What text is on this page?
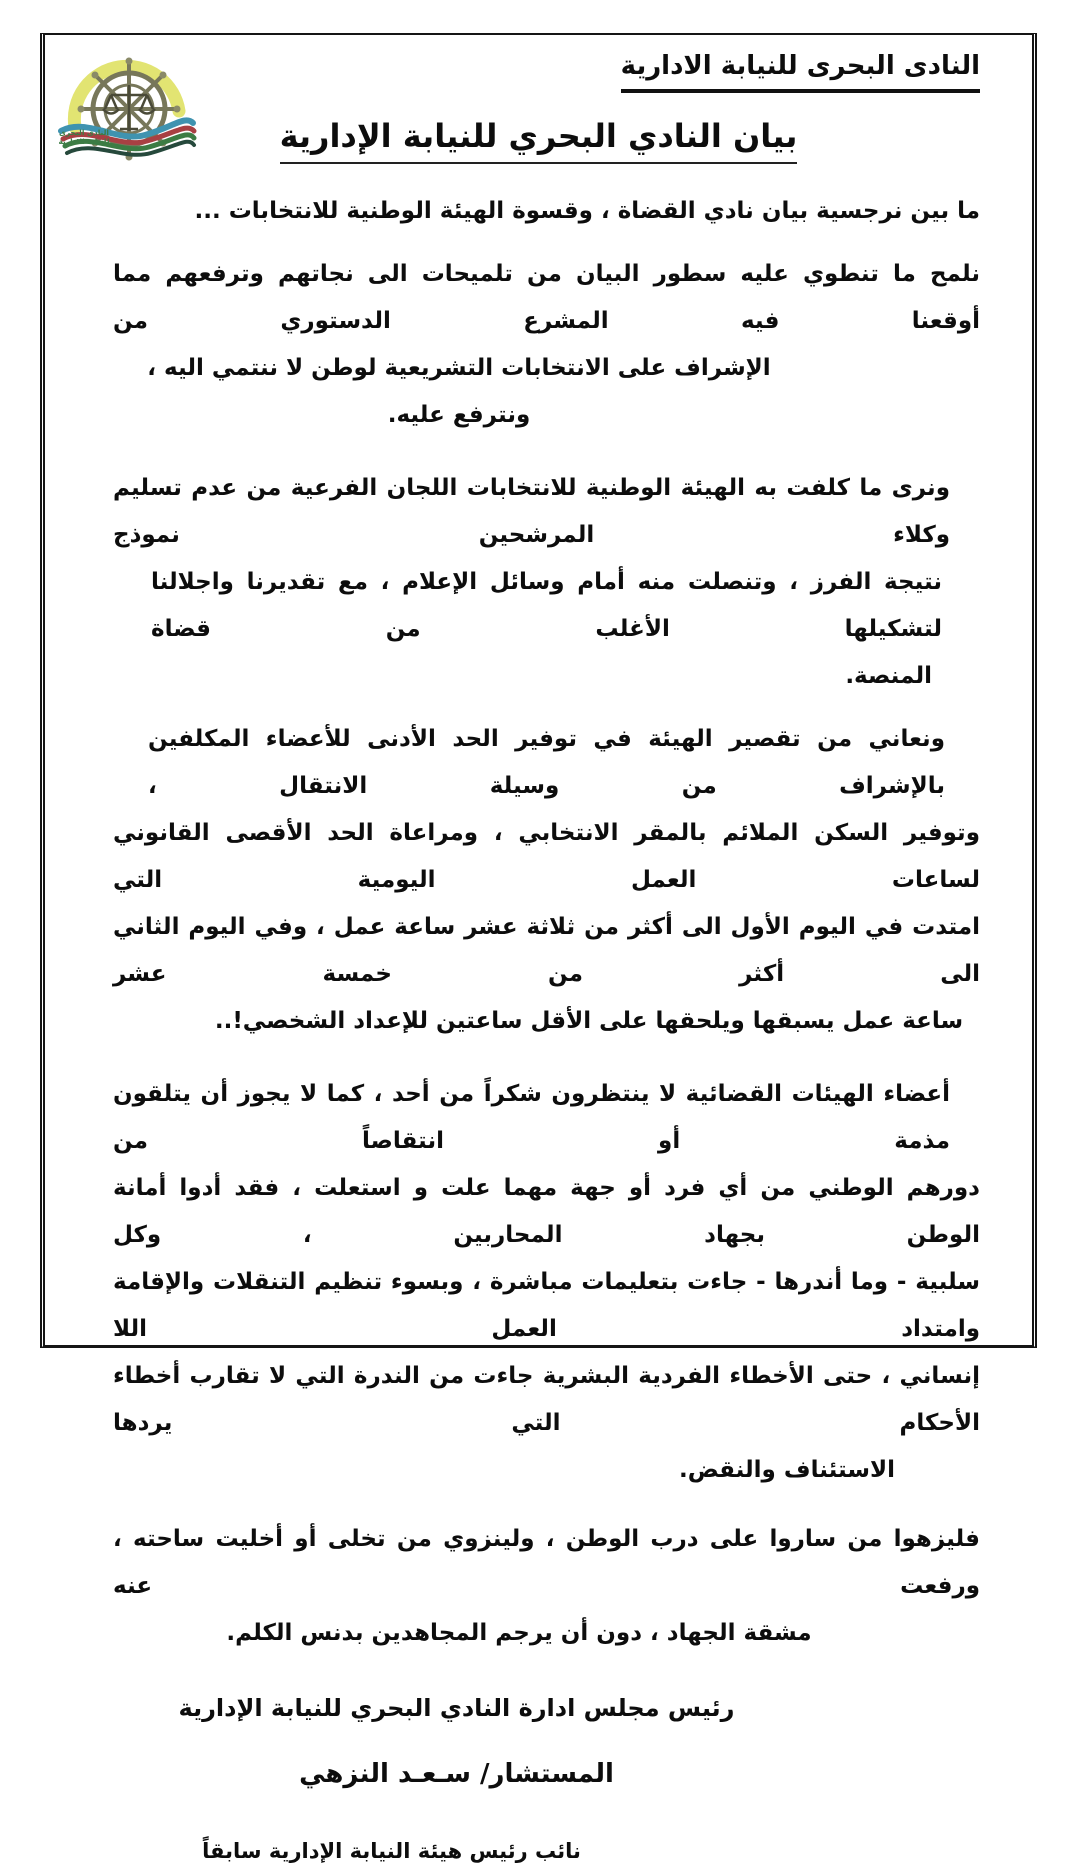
النادى البحرى
للنيابة الادارية
النادى البحرى للنيابة الادارية
بيان النادي البحري للنيابة الإدارية
ما بين نرجسية بيان نادي القضاة ، وقسوة الهيئة الوطنية للانتخابات ...
نلمح ما تنطوي عليه سطور البيان من تلميحات الى نجاتهم وترفعهم مما أوقعنا فيه المشرع الدستوري من
الإشراف على الانتخابات التشريعية لوطن لا ننتمي اليه ، ونترفع عليه.
ونرى ما كلفت به الهيئة الوطنية للانتخابات اللجان الفرعية من عدم تسليم وكلاء المرشحين نموذج
نتيجة الفرز ، وتنصلت منه أمام وسائل الإعلام ، مع تقديرنا واجلالنا لتشكيلها الأغلب من قضاة
المنصة.
ونعاني من تقصير الهيئة في توفير الحد الأدنى للأعضاء المكلفين بالإشراف من وسيلة الانتقال ،
وتوفير السكن الملائم بالمقر الانتخابي ، ومراعاة الحد الأقصى القانوني لساعات العمل اليومية التي
امتدت في اليوم الأول الى أكثر من ثلاثة عشر ساعة عمل ، وفي اليوم الثاني الى أكثر من خمسة عشر
ساعة عمل يسبقها ويلحقها على الأقل ساعتين للإعداد الشخصي!..
أعضاء الهيئات القضائية لا ينتظرون شكراً من أحد ، كما لا يجوز أن يتلقون مذمة أو انتقاصاً من
دورهم الوطني من أي فرد أو جهة مهما علت و استعلت ، فقد أدوا أمانة الوطن بجهاد المحاربين ، وكل
سلبية - وما أندرها - جاءت بتعليمات مباشرة ، وبسوء تنظيم التنقلات والإقامة وامتداد العمل اللا
إنساني ، حتى الأخطاء الفردية البشرية جاءت من الندرة التي لا تقارب أخطاء الأحكام التي يردها
الاستئناف والنقض.
فليزهوا من ساروا على درب الوطن ، ولينزوي من تخلى أو أخليت ساحته ، ورفعت عنه
مشقة الجهاد ، دون أن يرجم المجاهدين بدنس الكلم.
رئيس مجلس ادارة النادي البحري للنيابة الإدارية
المستشار/ سـعـد النزهي
نائب رئيس هيئة النيابة الإدارية سابقاً
